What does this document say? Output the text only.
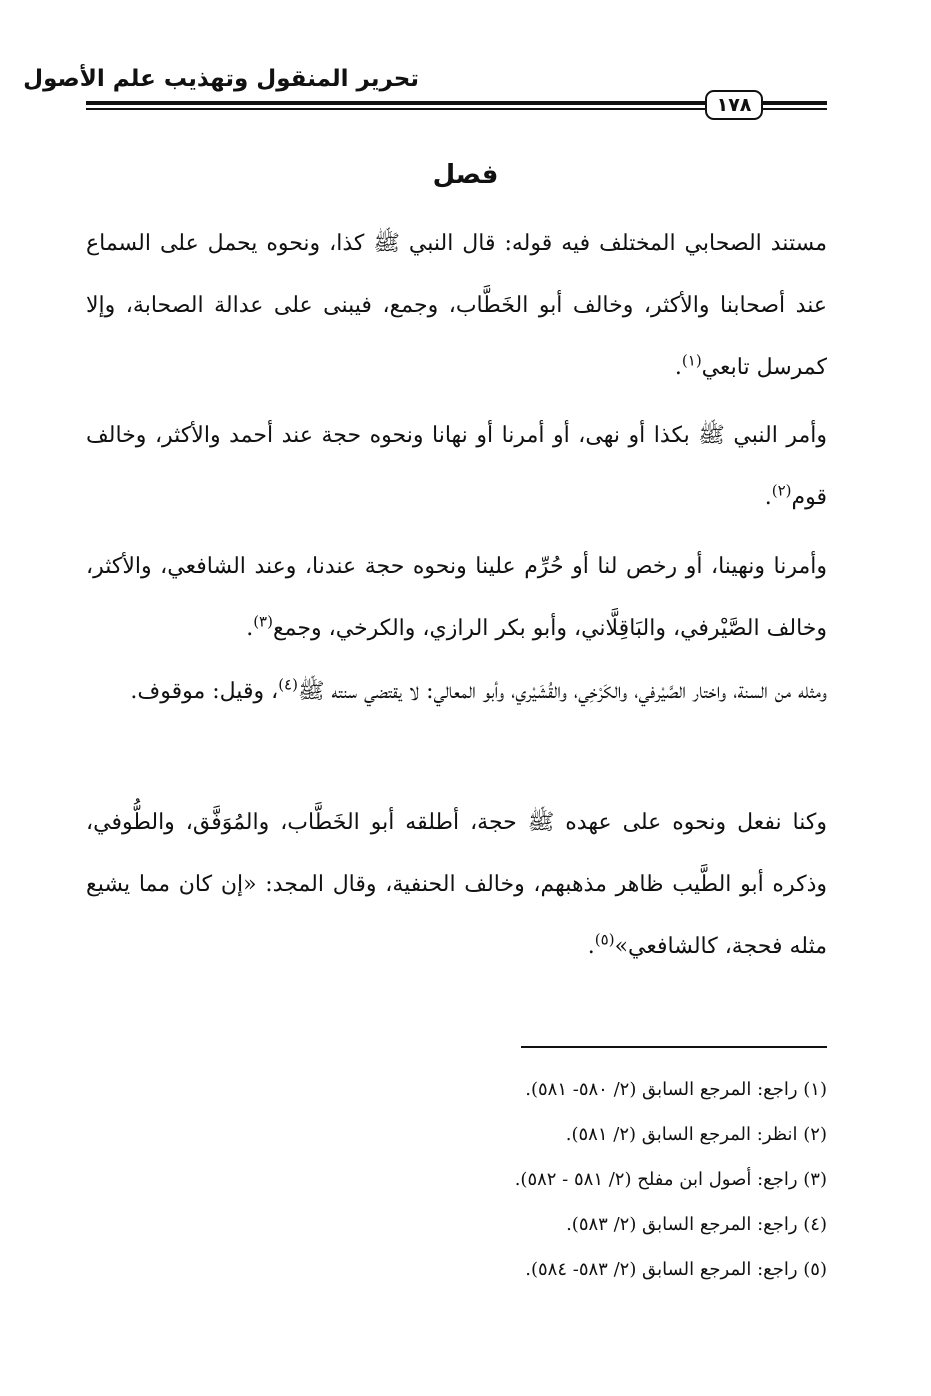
تحرير المنقول وتهذيب علم الأصول
١٧٨
فصل
مستند الصحابي المختلف فيه قوله: قال النبي ﷺ كذا، ونحوه يحمل على السماع عند أصحابنا والأكثر، وخالف أبو الخَطَّاب، وجمع، فيبنى على عدالة الصحابة، وإلا كمرسل تابعي$^{(١)}$.
وأمر النبي ﷺ بكذا أو نهى، أو أمرنا أو نهانا ونحوه حجة عند أحمد والأكثر، وخالف قوم$^{(٢)}$.
وأمرنا ونهينا، أو رخص لنا أو حُرِّم علينا ونحوه حجة عندنا، وعند الشافعي، والأكثر، وخالف الصَّيْرفي، والبَاقِلَّاني، وأبو بكر الرازي، والكرخي، وجمع$^{(٣)}$.
ومثله من السنة، واختار الصَّيْرفي، والكَرْخِي، والقُشَيْري، وأبو المعالي: لا يقتضي سنته ﷺ$^{(٤)}$، وقيل: موقوف.
وكنا نفعل ونحوه على عهده ﷺ حجة، أطلقه أبو الخَطَّاب، والمُوَفَّق، والطُّوفي، وذكره أبو الطَّيب ظاهر مذهبهم، وخالف الحنفية، وقال المجد: «إن كان مما يشيع مثله فحجة، كالشافعي»$^{(٥)}$.
(١) راجع: المرجع السابق (٢/ ٥٨٠- ٥٨١).
(٢) انظر: المرجع السابق (٢/ ٥٨١).
(٣) راجع: أصول ابن مفلح (٢/ ٥٨١ - ٥٨٢).
(٤) راجع: المرجع السابق (٢/ ٥٨٣).
(٥) راجع: المرجع السابق (٢/ ٥٨٣- ٥٨٤).
